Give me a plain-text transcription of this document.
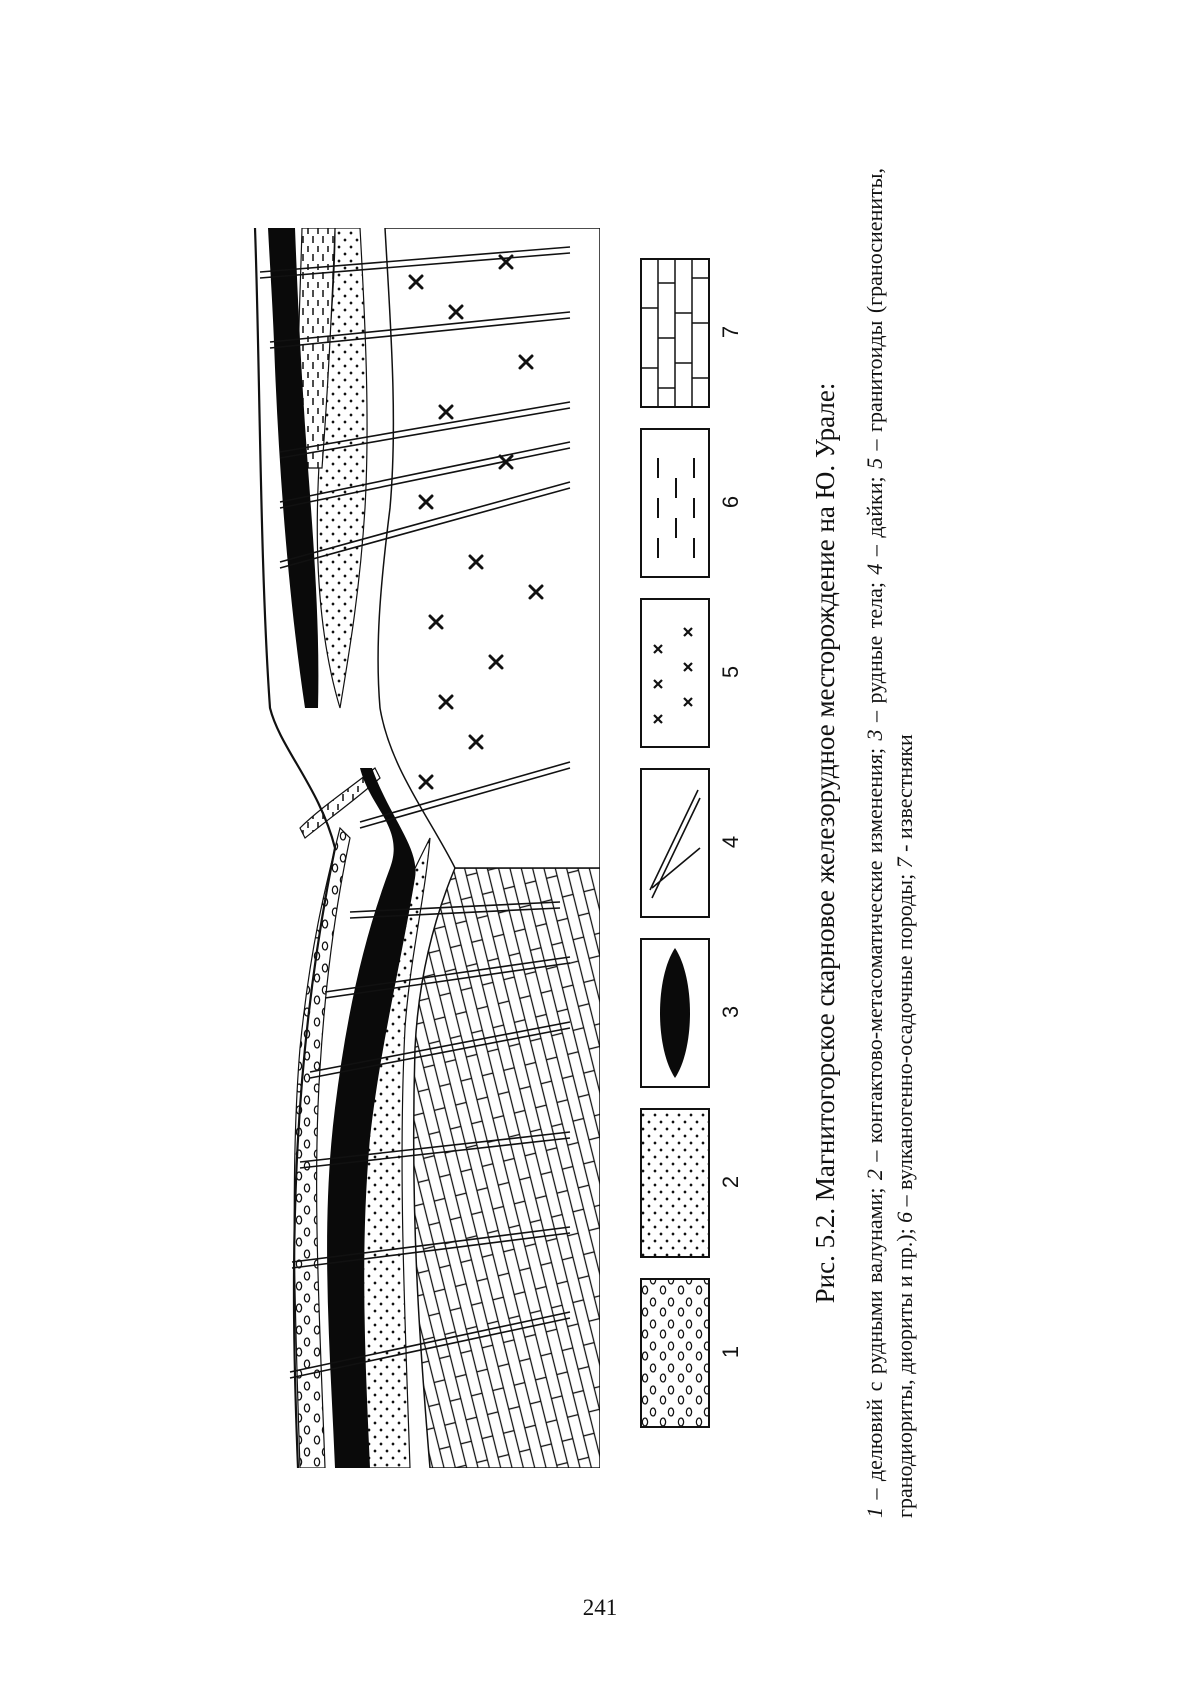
1
2
3
4
5
6
7
Рис. 5.2. Магнитогорское скарновое железорудное месторождение на Ю. Урале:
1 – делювий с рудными валунами; 2 – контактово-метасоматические изменения; 3 – рудные тела; 4 – дайки; 5 – гранитоиды (граносиениты, гранодиориты, диориты и пр.); 6 – вулканогенно-осадочные породы; 7 - известняки
241
